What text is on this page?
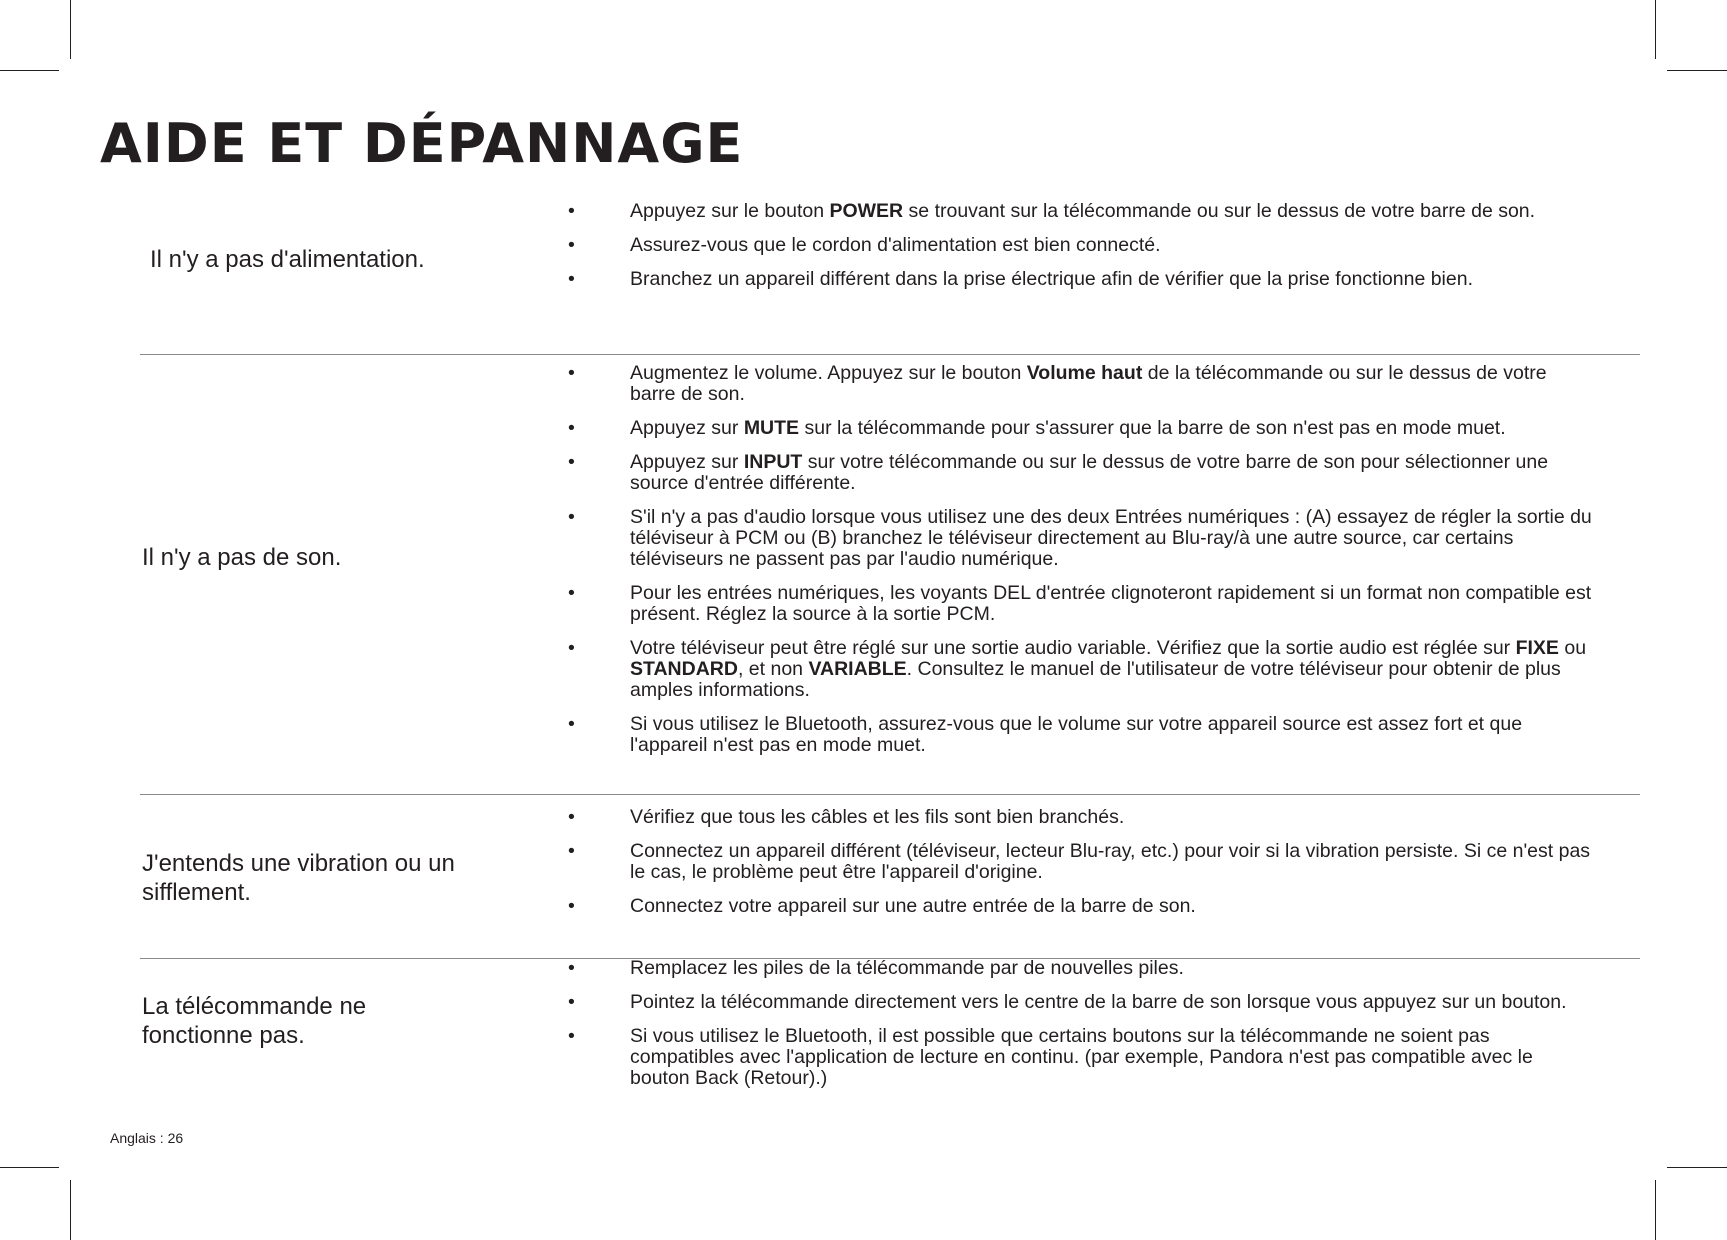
AIDE ET DÉPANNAGE
Il n'y a pas d'alimentation.
•	Appuyez sur le bouton POWER se trouvant sur la télécommande ou sur le dessus de votre barre de son.
•	Assurez-vous que le cordon d'alimentation est bien connecté.
•	Branchez un appareil différent dans la prise électrique afin de vérifier que la prise fonctionne bien.
Il n'y a pas de son.
•	Augmentez le volume. Appuyez sur le bouton Volume haut de la télécommande ou sur le dessus de votre barre de son.
•	Appuyez sur MUTE sur la télécommande pour s'assurer que la barre de son n'est pas en mode muet.
•	Appuyez sur INPUT sur votre télécommande ou sur le dessus de votre barre de son pour sélectionner une source d'entrée différente.
•	S'il n'y a pas d'audio lorsque vous utilisez une des deux Entrées numériques : (A) essayez de régler la sortie du téléviseur à PCM ou (B) branchez le téléviseur directement au Blu-ray/à une autre source, car certains téléviseurs ne passent pas par l'audio numérique.
•	Pour les entrées numériques, les voyants DEL d'entrée clignoteront rapidement si un format non compatible est présent. Réglez la source à la sortie PCM.
•	Votre téléviseur peut être réglé sur une sortie audio variable. Vérifiez que la sortie audio est réglée sur FIXE ou STANDARD, et non VARIABLE. Consultez le manuel de l'utilisateur de votre téléviseur pour obtenir de plus amples informations.
•	Si vous utilisez le Bluetooth, assurez-vous que le volume sur votre appareil source est assez fort et que l'appareil n'est pas en mode muet.
J'entends une vibration ou un sifflement.
•	Vérifiez que tous les câbles et les fils sont bien branchés.
•	Connectez un appareil différent (téléviseur, lecteur Blu-ray, etc.) pour voir si la vibration persiste. Si ce n'est pas le cas, le problème peut être l'appareil d'origine.
•	Connectez votre appareil sur une autre entrée de la barre de son.
La télécommande ne fonctionne pas.
•	Remplacez les piles de la télécommande par de nouvelles piles.
•	Pointez la télécommande directement vers le centre de la barre de son lorsque vous appuyez sur un bouton.
•	Si vous utilisez le Bluetooth, il est possible que certains boutons sur la télécommande ne soient pas compatibles avec l'application de lecture en continu. (par exemple, Pandora n'est pas compatible avec le bouton Back (Retour).)
Anglais : 26
